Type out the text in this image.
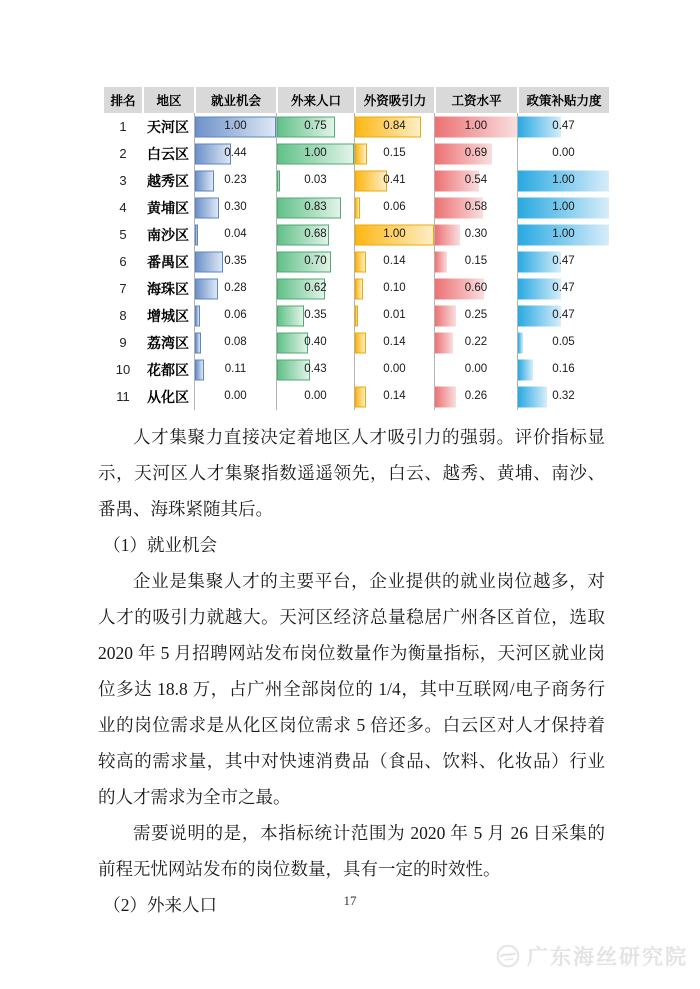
排名	地区	就业机会	外来人口	外资吸引力	工资水平	政策补贴力度
1	天河区	1.00	0.75	0.84	1.00	0.47

2	白云区	0.44	1.00	0.15	0.69	0.00

3	越秀区	0.23	0.03	0.41	0.54	1.00

4	黄埔区	0.30	0.83	0.06	0.58	1.00

5	南沙区	0.04	0.68	1.00	0.30	1.00

6	番禺区	0.35	0.70	0.14	0.15	0.47

7	海珠区	0.28	0.62	0.10	0.60	0.47

8	增城区	0.06	0.35	0.01	0.25	0.47

9	荔湾区	0.08	0.40	0.14	0.22	0.05

10	花都区	0.11	0.43	0.00	0.00	0.16

11	从化区	0.00	0.00	0.14	0.26	0.32

人才集聚力直接决定着地区人才吸引力的强弱。评价指标显示，天河区人才集聚指数遥遥领先，白云、越秀、黄埔、南沙、番禺、海珠紧随其后。

（1）就业机会

企业是集聚人才的主要平台，企业提供的就业岗位越多，对人才的吸引力就越大。天河区经济总量稳居广州各区首位，选取 2020 年 5 月招聘网站发布岗位数量作为衡量指标，天河区就业岗位多达 18.8 万，占广州全部岗位的 1/4，其中互联网/电子商务行业的岗位需求是从化区岗位需求 5 倍还多。白云区对人才保持着较高的需求量，其中对快速消费品（食品、饮料、化妆品）行业的人才需求为全市之最。

需要说明的是，本指标统计范围为 2020 年 5 月 26 日采集的前程无忧网站发布的岗位数量，具有一定的时效性。

（2）外来人口	17
广东海丝研究院
